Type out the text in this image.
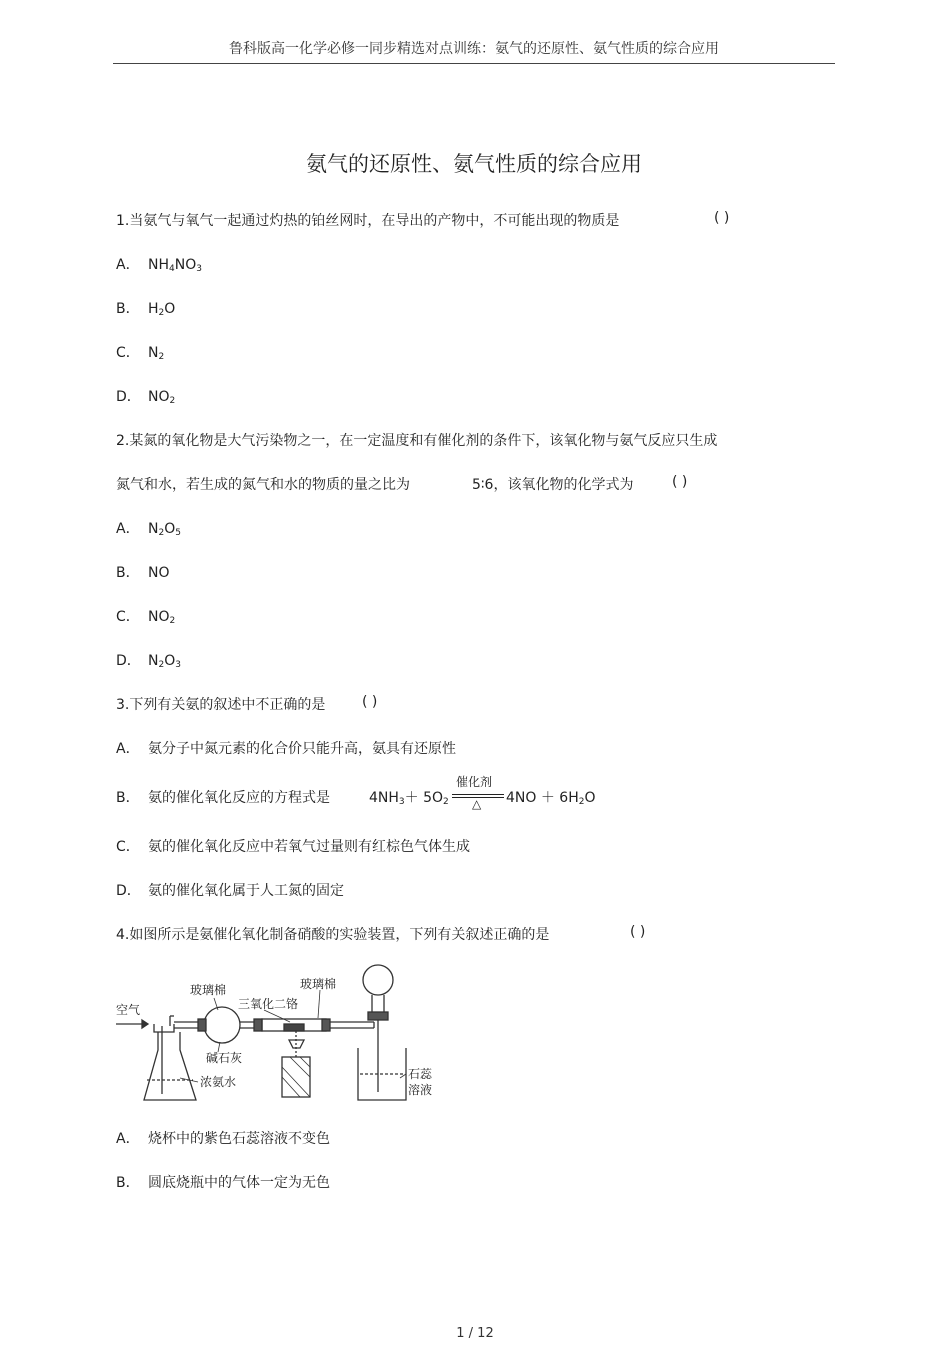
鲁科版高一化学必修一同步精选对点训练：氨气的还原性、氨气性质的综合应用
氨气的还原性、氨气性质的综合应用
1.当氨气与氧气一起通过灼热的铂丝网时，在导出的产物中，不可能出现的物质是	( )
A． $NH_4NO_3$
B． $H_2O$
C． $N_2$
D． $NO_2$
2.某氮的氧化物是大气污染物之一，在一定温度和有催化剂的条件下，该氧化物与氨气反应只生成
氮气和水，若生成的氮气和水的物质的量之比为	5∶6，该氧化物的化学式为	( )
A． $N_2O_5$
B． NO
C． $NO_2$
D． $N_2O_3$
3.下列有关氨的叙述中不正确的是	( )
A． 氨分子中氮元素的化合价只能升高，氨具有还原性
B． 氨的催化氧化反应的方程式是	$4NH_3+ 5O_2$
催化剂
△ $4NO + 6H_2O$
C． 氨的催化氧化反应中若氧气过量则有红棕色气体生成
D． 氨的催化氧化属于人工氮的固定
4.如图所示是氨催化氧化制备硝酸的实验装置，下列有关叙述正确的是	( )
空气
玻璃棉
三氧化二铬
玻璃棉
碱石灰
浓氨水
石蕊
溶液
A． 烧杯中的紫色石蕊溶液不变色
B． 圆底烧瓶中的气体一定为无色
1 / 12
